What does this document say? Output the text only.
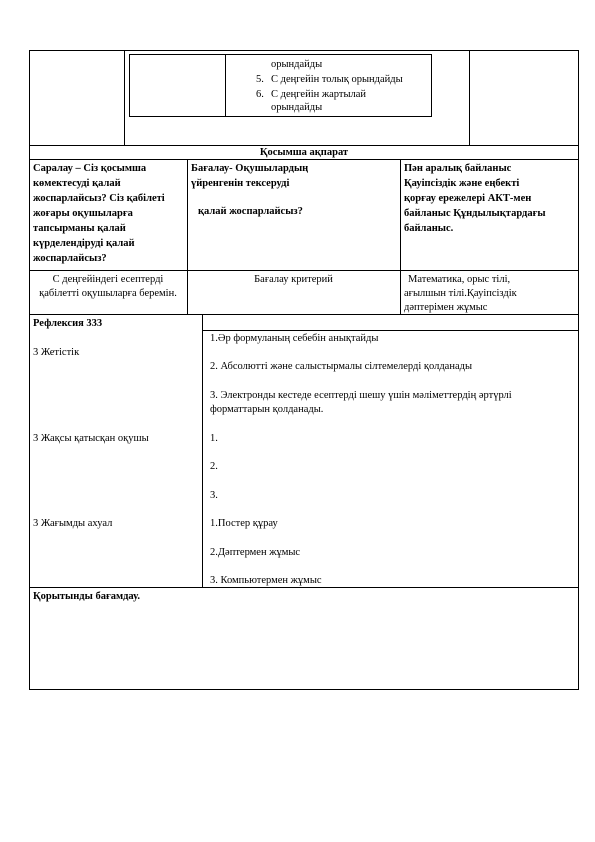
орындайды
5. С деңгейін толық орындайды
6. С деңгейін жартылай
орындайды
Қосымша ақпарат
Саралау – Сіз қосымша
көмектесуді қалай
жоспарлайсыз? Сіз қабілеті
жоғары оқушыларға
тапсырманы қалай
күрделендіруді қалай
жоспарлайсыз?
Бағалау- Оқушылардың
үйренгенін тексеруді
қалай жоспарлайсыз?
Пән аралық байланыс
Қауіпсіздік және еңбекті
қорғау ережелері АКТ-мен
байланыс Құндылықтардағы
байланыс.
С деңгейіндегі есептерді
қабілетті оқушыларға беремін.
Бағалау критерий	Математика, орыс тілі,
ағылшын тілі.Қауіпсіздік
дәптерімен жұмыс
Рефлексия 333
3 Жетістік
3 Жақсы қатысқан оқушы
3 Жағымды ахуал
1.Әр формуланың себебін анықтайды
2. Абсолютті және салыстырмалы сілтемелерді қолданады
3. Электронды кестеде есептерді шешу үшін мәліметтердің әртүрлі
форматтарын қолданады.
1.
2.
3.
1.Постер құрау
2.Дәптермен жұмыс
3. Компьютермен жұмыс
Қорытынды бағамдау.
